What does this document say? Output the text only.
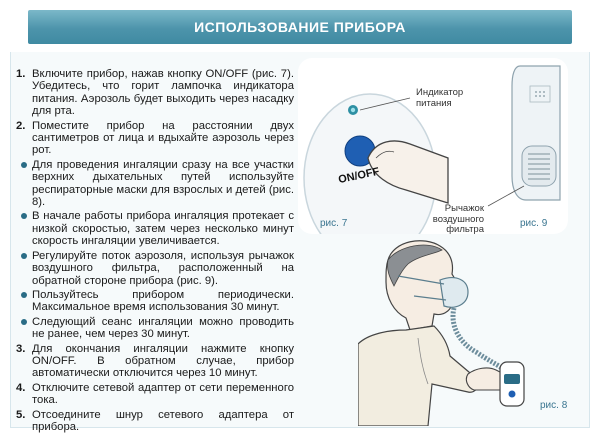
ИСПОЛЬЗОВАНИЕ ПРИБОРА
1. Включите прибор, нажав кнопку ON/OFF (рис. 7). Убедитесь, что горит лампочка индикатора питания. Аэрозоль будет выходить через насадку для рта.
2. Поместите прибор на расстоянии двух сантиметров от лица и вдыхайте аэрозоль через рот.
Для проведения ингаляции сразу на все участки верхних дыхательных путей используйте респираторные маски для взрослых и детей (рис. 8).
В начале работы прибора ингаляция протекает с низкой скоростью, затем через несколько минут скорость ингаляции увеличивается.
Регулируйте поток аэрозоля, используя рычажок воздушного фильтра, расположенный на обратной стороне прибора (рис. 9).
Пользуйтесь прибором периодически. Максимальное время использования 30 минут.
Следующий сеанс ингаляции можно проводить не ранее, чем через 30 минут.
3. Для окончания ингаляции нажмите кнопку ON/OFF. В обратном случае, прибор автоматически отключится через 10 минут.
4. Отключите сетевой адаптер от сети переменного тока.
5. Отсоедините шнур сетевого адаптера от прибора.
Индикатор питания
ON/OFF
Рычажок воздушного фильтра
рис. 7	рис. 9
рис. 8
